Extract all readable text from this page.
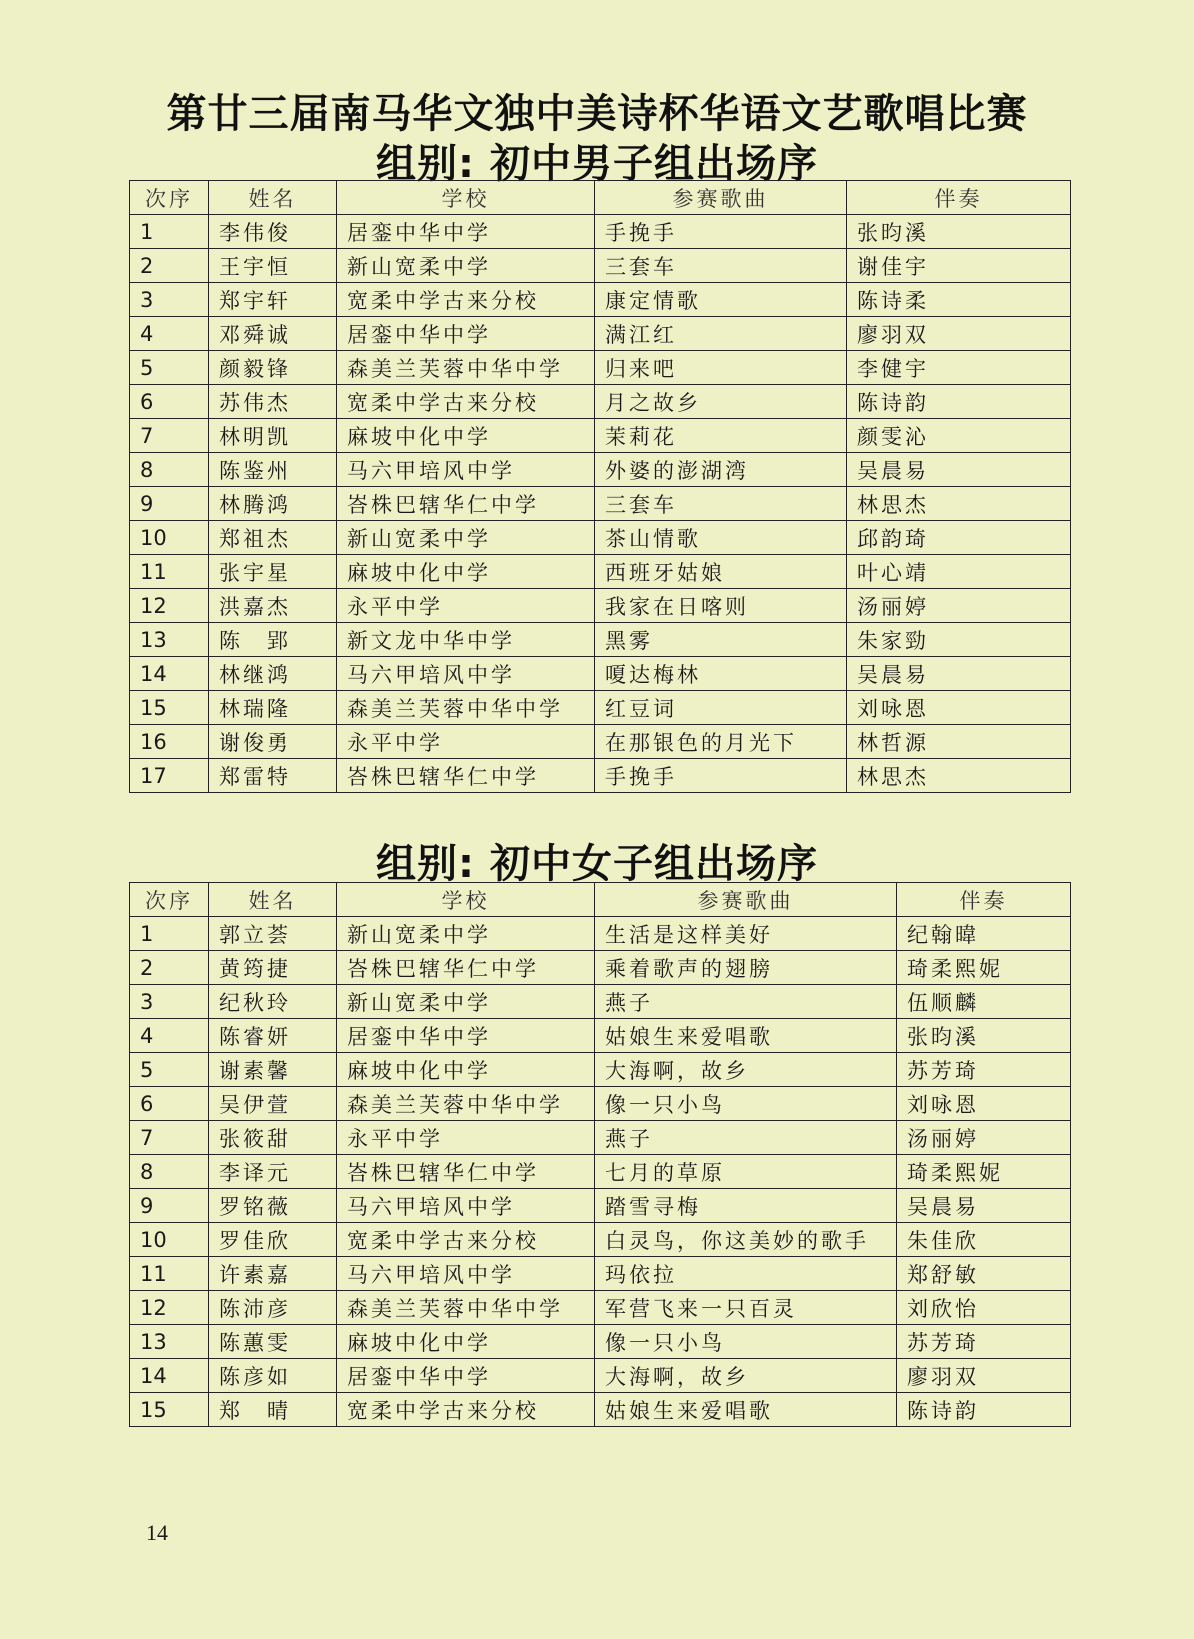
第廿三届南马华文独中美诗杯华语文艺歌唱比赛
组别: 初中男子组出场序
次序	姓名	学校	参赛歌曲	伴奏
1	李伟俊	居銮中华中学	手挽手	张昀溪
2	王宇恒	新山宽柔中学	三套车	谢佳宇
3	郑宇轩	宽柔中学古来分校	康定情歌	陈诗柔
4	邓舜诚	居銮中华中学	满江红	廖羽双
5	颜毅锋	森美兰芙蓉中华中学	归来吧	李健宇
6	苏伟杰	宽柔中学古来分校	月之故乡	陈诗韵
7	林明凯	麻坡中化中学	茉莉花	颜雯沁
8	陈鉴州	马六甲培风中学	外婆的澎湖湾	吴晨易
9	林腾鸿	峇株巴辖华仁中学	三套车	林思杰
10	郑祖杰	新山宽柔中学	茶山情歌	邱韵琦
11	张宇星	麻坡中化中学	西班牙姑娘	叶心靖
12	洪嘉杰	永平中学	我家在日喀则	汤丽婷
13	陈　郢	新文龙中华中学	黑雾	朱家勁
14	林继鸿	马六甲培风中学	嗄达梅林	吴晨易
15	林瑞隆	森美兰芙蓉中华中学	红豆词	刘咏恩
16	谢俊勇	永平中学	在那银色的月光下	林哲源
17	郑雷特	峇株巴辖华仁中学	手挽手	林思杰
组别: 初中女子组出场序
次序	姓名	学校	参赛歌曲	伴奏
1	郭立荟	新山宽柔中学	生活是这样美好	纪翰暐
2	黄筠捷	峇株巴辖华仁中学	乘着歌声的翅膀	琦柔熙妮
3	纪秋玲	新山宽柔中学	燕子	伍顺麟
4	陈睿妍	居銮中华中学	姑娘生来爱唱歌	张昀溪
5	谢素馨	麻坡中化中学	大海啊，故乡	苏芳琦
6	吴伊萱	森美兰芙蓉中华中学	像一只小鸟	刘咏恩
7	张筱甜	永平中学	燕子	汤丽婷
8	李译元	峇株巴辖华仁中学	七月的草原	琦柔熙妮
9	罗铭薇	马六甲培风中学	踏雪寻梅	吴晨易
10	罗佳欣	宽柔中学古来分校	白灵鸟，你这美妙的歌手	朱佳欣
11	许素嘉	马六甲培风中学	玛依拉	郑舒敏
12	陈沛彦	森美兰芙蓉中华中学	军营飞来一只百灵	刘欣怡
13	陈蕙雯	麻坡中化中学	像一只小鸟	苏芳琦
14	陈彦如	居銮中华中学	大海啊，故乡	廖羽双
15	郑　晴	宽柔中学古来分校	姑娘生来爱唱歌	陈诗韵
14
